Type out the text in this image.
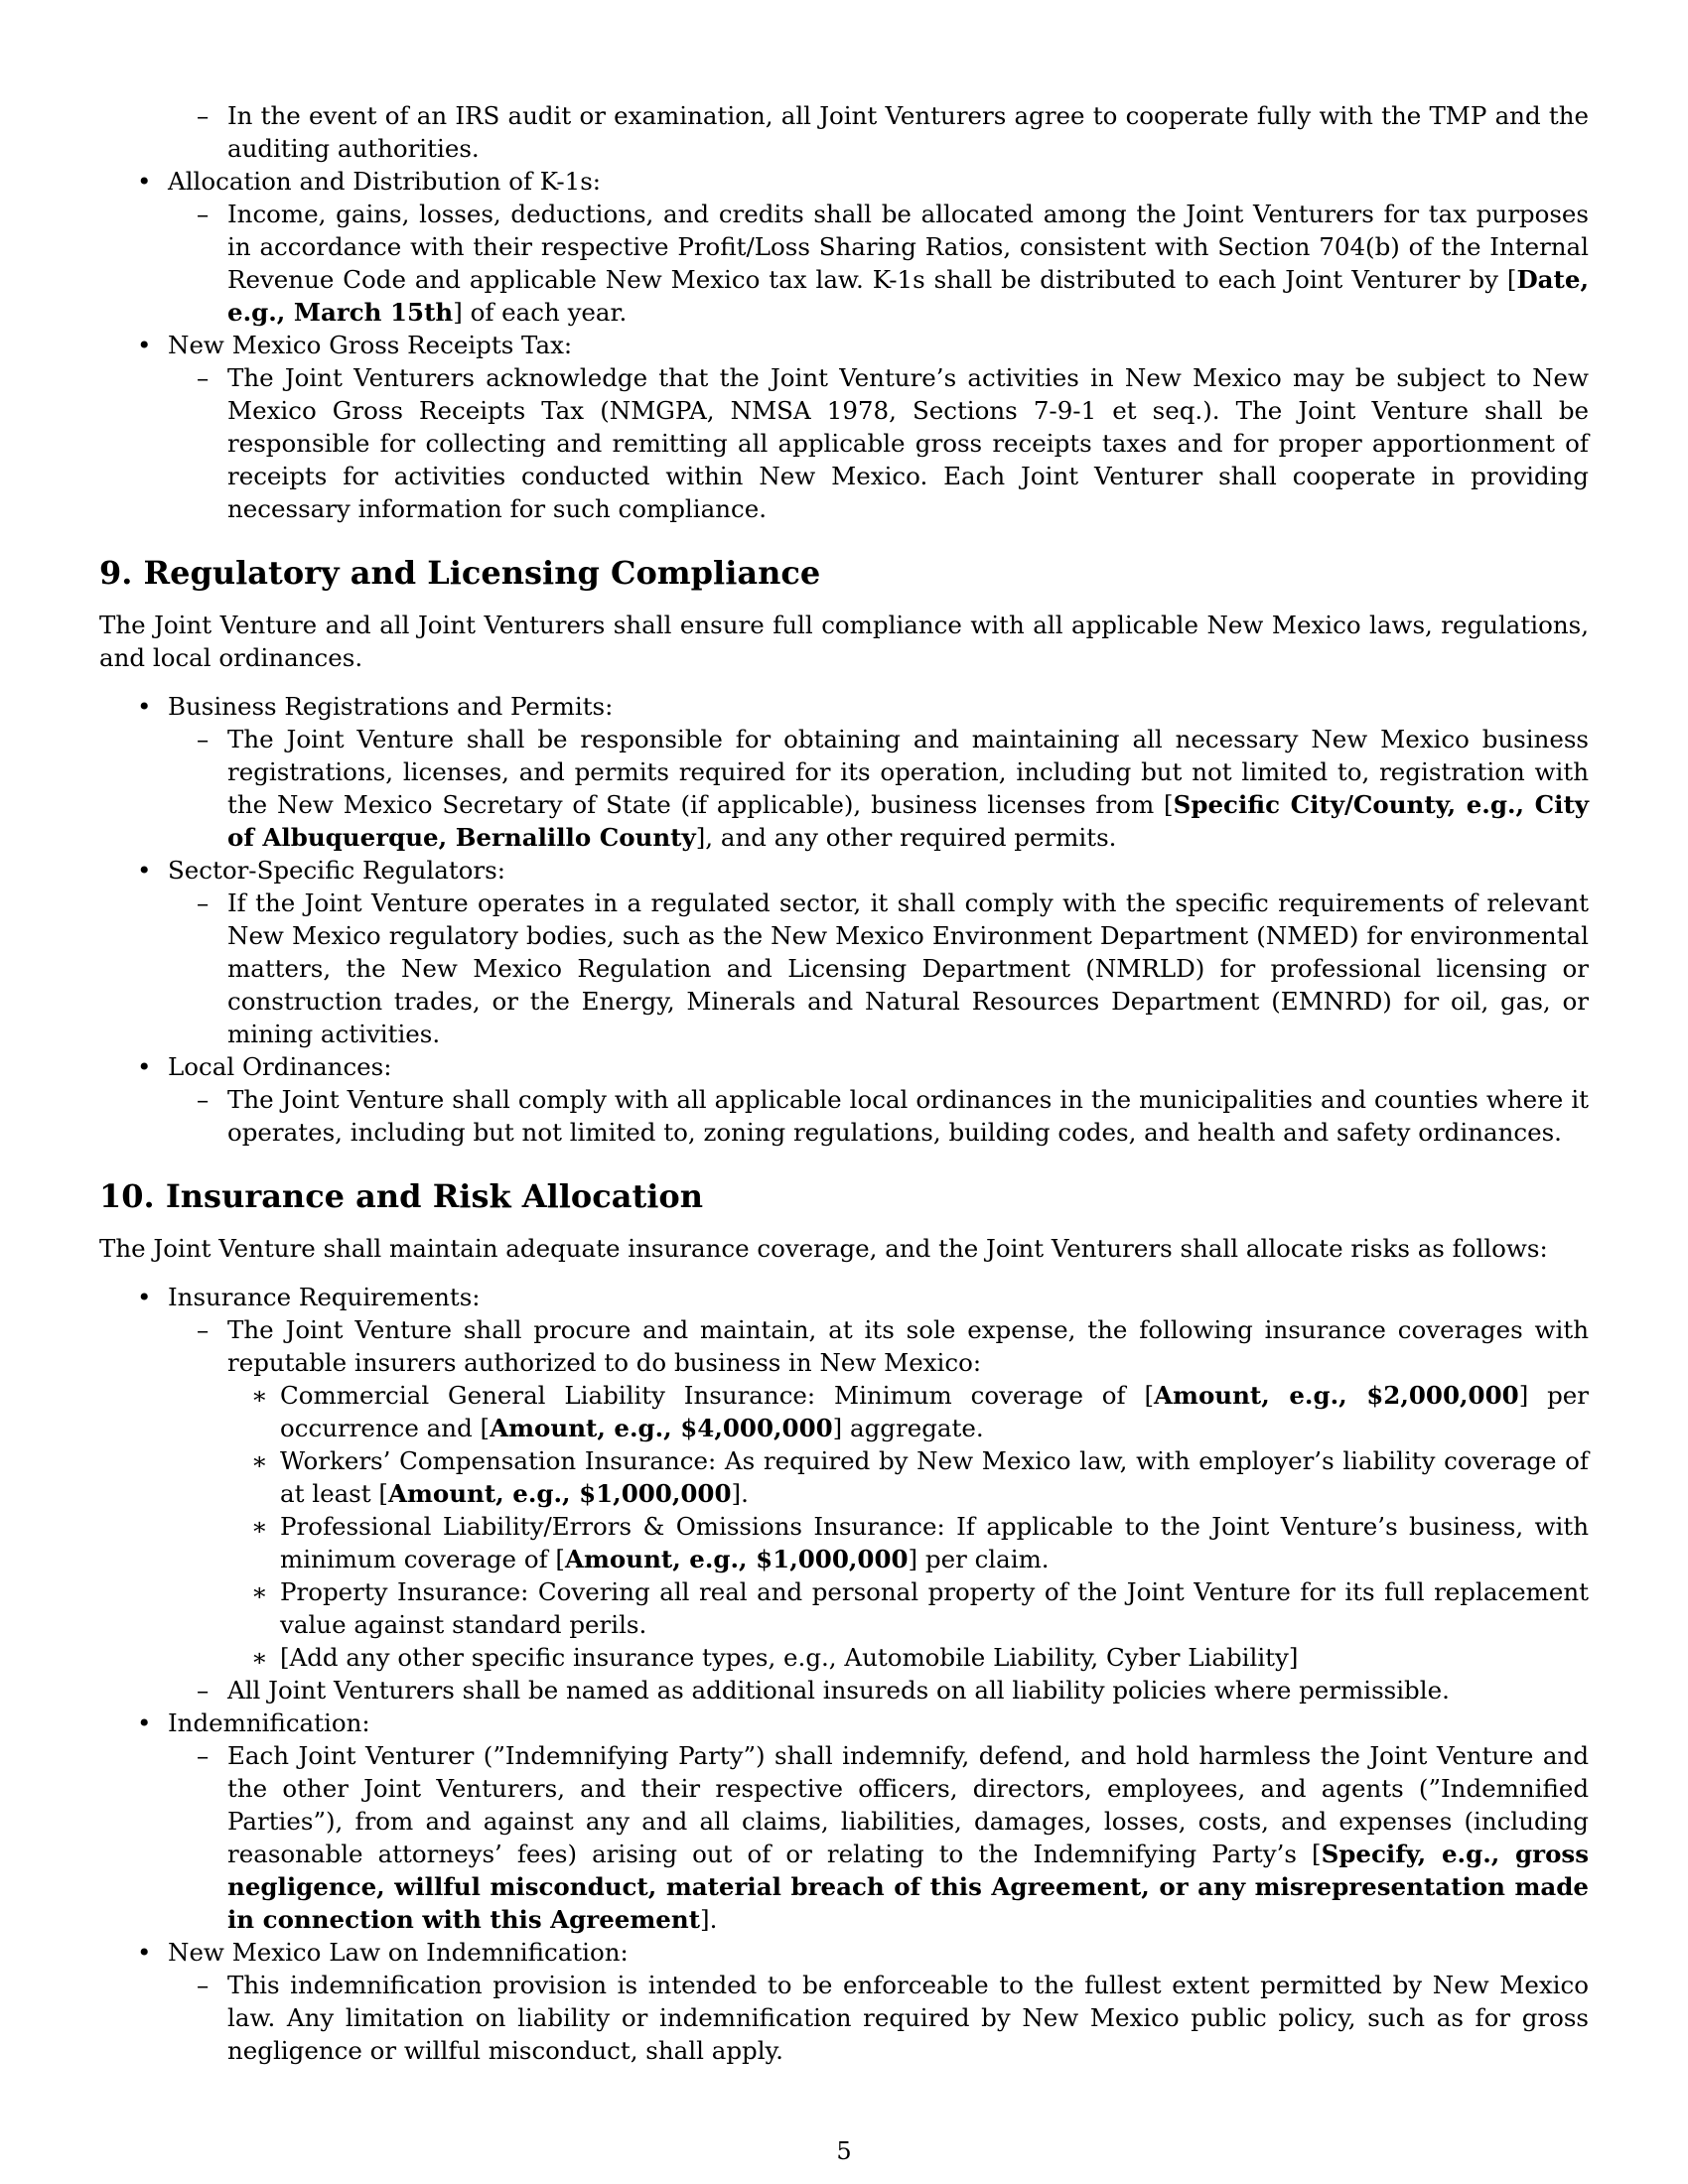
– In the event of an IRS audit or examination, all Joint Venturers agree to cooperate fully with the TMP and the auditing authorities.
• Allocation and Distribution of K-1s:
– Income, gains, losses, deductions, and credits shall be allocated among the Joint Venturers for tax purposes in accordance with their respective Profit/Loss Sharing Ratios, consistent with Section 704(b) of the Internal Revenue Code and applicable New Mexico tax law. K-1s shall be distributed to each Joint Venturer by [Date, e.g., March 15th] of each year.
• New Mexico Gross Receipts Tax:
– The Joint Venturers acknowledge that the Joint Venture’s activities in New Mexico may be subject to New Mexico Gross Receipts Tax (NMGPA, NMSA 1978, Sections 7-9-1 et seq.). The Joint Venture shall be responsible for collecting and remitting all applicable gross receipts taxes and for proper apportionment of receipts for activities conducted within New Mexico. Each Joint Venturer shall cooperate in providing necessary information for such compliance.
9. Regulatory and Licensing Compliance
The Joint Venture and all Joint Venturers shall ensure full compliance with all applicable New Mexico laws, regulations, and local ordinances.
• Business Registrations and Permits:
– The Joint Venture shall be responsible for obtaining and maintaining all necessary New Mexico business registrations, licenses, and permits required for its operation, including but not limited to, registration with the New Mexico Secretary of State (if applicable), business licenses from [Specific City/County, e.g., City of Albuquerque, Bernalillo County], and any other required permits.
• Sector-Specific Regulators:
– If the Joint Venture operates in a regulated sector, it shall comply with the specific requirements of relevant New Mexico regulatory bodies, such as the New Mexico Environment Department (NMED) for environmental matters, the New Mexico Regulation and Licensing Department (NMRLD) for professional licensing or construction trades, or the Energy, Minerals and Natural Resources Department (EMNRD) for oil, gas, or mining activities.
• Local Ordinances:
– The Joint Venture shall comply with all applicable local ordinances in the municipalities and counties where it operates, including but not limited to, zoning regulations, building codes, and health and safety ordinances.
10. Insurance and Risk Allocation
The Joint Venture shall maintain adequate insurance coverage, and the Joint Venturers shall allocate risks as follows:
• Insurance Requirements:
– The Joint Venture shall procure and maintain, at its sole expense, the following insurance coverages with reputable insurers authorized to do business in New Mexico:
∗ Commercial General Liability Insurance: Minimum coverage of [Amount, e.g., $2,000,000] per occurrence and [Amount, e.g., $4,000,000] aggregate.
∗ Workers’ Compensation Insurance: As required by New Mexico law, with employer’s liability coverage of at least [Amount, e.g., $1,000,000].
∗ Professional Liability/Errors & Omissions Insurance: If applicable to the Joint Venture’s business, with minimum coverage of [Amount, e.g., $1,000,000] per claim.
∗ Property Insurance: Covering all real and personal property of the Joint Venture for its full replacement value against standard perils.
∗ [Add any other specific insurance types, e.g., Automobile Liability, Cyber Liability]
– All Joint Venturers shall be named as additional insureds on all liability policies where permissible.
• Indemnification:
– Each Joint Venturer (”Indemnifying Party”) shall indemnify, defend, and hold harmless the Joint Venture and the other Joint Venturers, and their respective officers, directors, employees, and agents (”Indemnified Parties”), from and against any and all claims, liabilities, damages, losses, costs, and expenses (including reasonable attorneys’ fees) arising out of or relating to the Indemnifying Party’s [Specify, e.g., gross negligence, willful misconduct, material breach of this Agreement, or any misrepresentation made in connection with this Agreement].
• New Mexico Law on Indemnification:
– This indemnification provision is intended to be enforceable to the fullest extent permitted by New Mexico law. Any limitation on liability or indemnification required by New Mexico public policy, such as for gross negligence or willful misconduct, shall apply.
5
